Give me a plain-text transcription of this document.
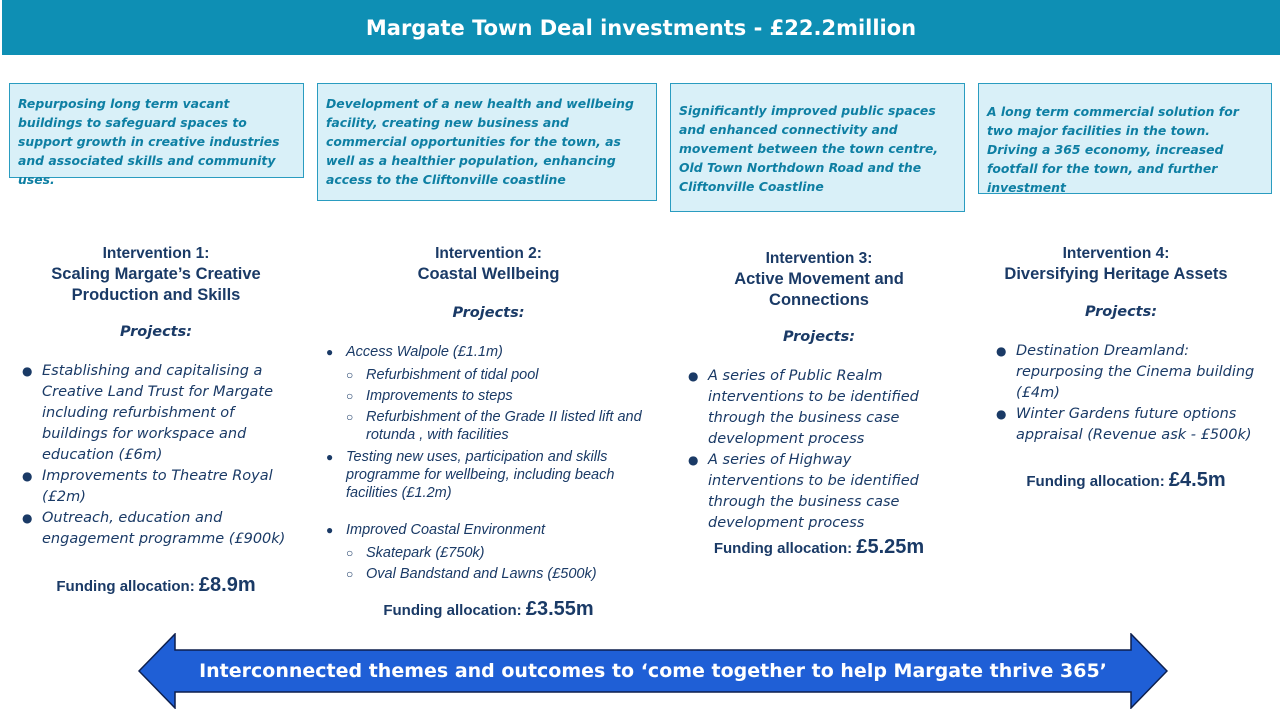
Margate Town Deal investments - £22.2million
Repurposing long term vacant buildings to safeguard spaces to support growth in creative industries and associated skills and community uses.
Development of a new health and wellbeing facility, creating new business and commercial opportunities for the town, as well as a healthier population, enhancing access to the Cliftonville coastline
Significantly improved public spaces and enhanced connectivity and movement between the town centre, Old Town Northdown Road and the Cliftonville Coastline
A long term commercial solution for two major facilities in the town. Driving a 365 economy, increased footfall for the town, and further investment
Intervention 1:
Scaling Margate’s Creative Production and Skills
Projects:
● Establishing and capitalising a Creative Land Trust for Margate including refurbishment of buildings for workspace and education (£6m)
● Improvements to Theatre Royal (£2m)
● Outreach, education and engagement programme (£900k)
Funding allocation: £8.9m
Intervention 2:
Coastal Wellbeing
Projects:
● Access Walpole (£1.1m)
○ Refurbishment of tidal pool
○ Improvements to steps
○ Refurbishment of the Grade II listed lift and rotunda , with facilities
● Testing new uses, participation and skills programme for wellbeing, including beach facilities (£1.2m)
● Improved Coastal Environment
○ Skatepark (£750k)
○ Oval Bandstand and Lawns (£500k)
Funding allocation: £3.55m
Intervention 3:
Active Movement and Connections
Projects:
● A series of Public Realm interventions to be identified through the business case development process
● A series of Highway interventions to be identified through the business case development process
Funding allocation: £5.25m
Intervention 4:
Diversifying Heritage Assets
Projects:
● Destination Dreamland: repurposing the Cinema building (£4m)
● Winter Gardens future options appraisal (Revenue ask - £500k)
Funding allocation: £4.5m
Interconnected themes and outcomes to ‘come together to help Margate thrive 365’
